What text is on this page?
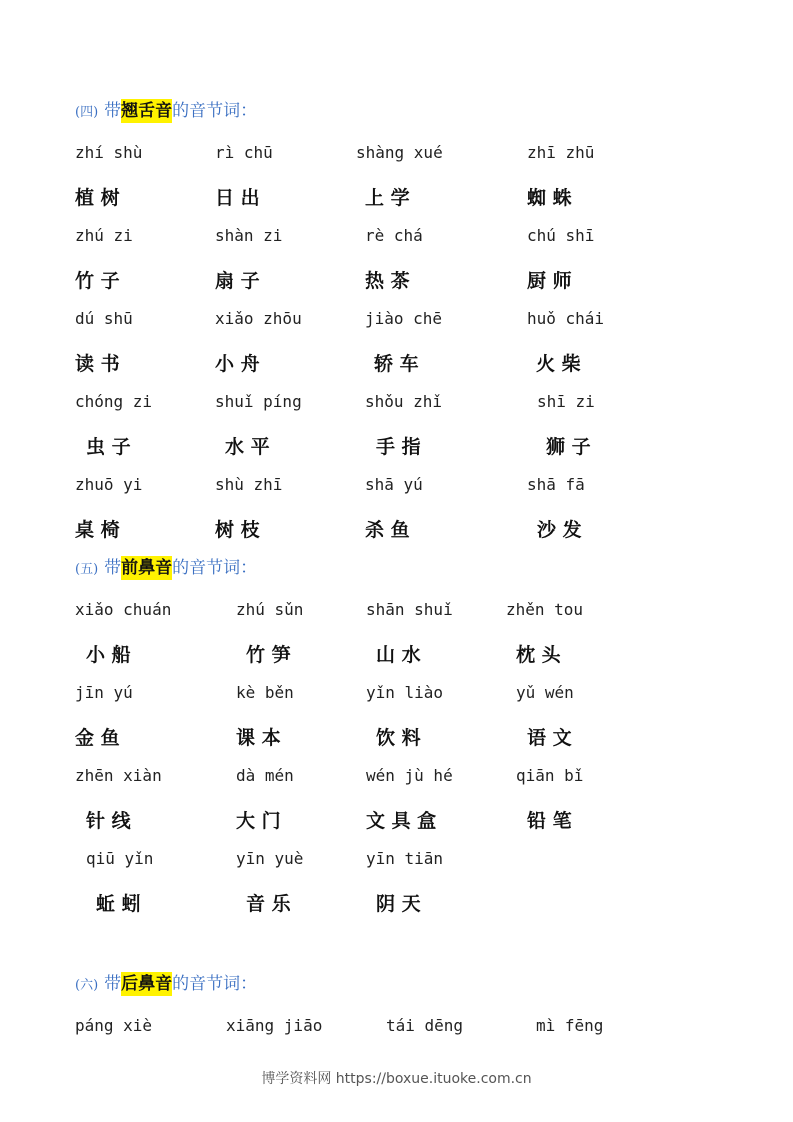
(四) 带翘舌音的音节词：
zhí shù	rì chū	shàng xué	zhī zhū
植 树	日 出	上 学	蜘 蛛
zhú zi	shàn zi	rè chá	chú shī
竹 子	扇 子	热 茶	厨 师
dú shū	xiǎo zhōu	jiào chē	huǒ chái
读 书	小 舟	轿 车	火 柴
chóng zi	shuǐ píng	shǒu zhǐ	shī zi
虫 子	水 平	手 指	狮 子
zhuō yi	shù zhī	shā yú	shā fā
桌 椅	树 枝	杀 鱼	沙 发
(五) 带前鼻音的音节词：
xiǎo chuán	zhú sǔn	shān shuǐ	zhěn tou
小 船	竹 笋	山 水	枕 头
jīn yú	kè běn	yǐn liào	yǔ wén
金 鱼	课 本	饮 料	语 文
zhēn xiàn	dà mén	wén jù hé	qiān bǐ
针 线	大 门	文 具 盒	铅 笔
qiū yǐn	yīn yuè	yīn tiān
蚯 蚓	音 乐	阴 天
(六) 带后鼻音的音节词：
páng xiè	xiāng jiāo	tái dēng	mì fēng
博学资料网 https://boxue.ituoke.com.cn
